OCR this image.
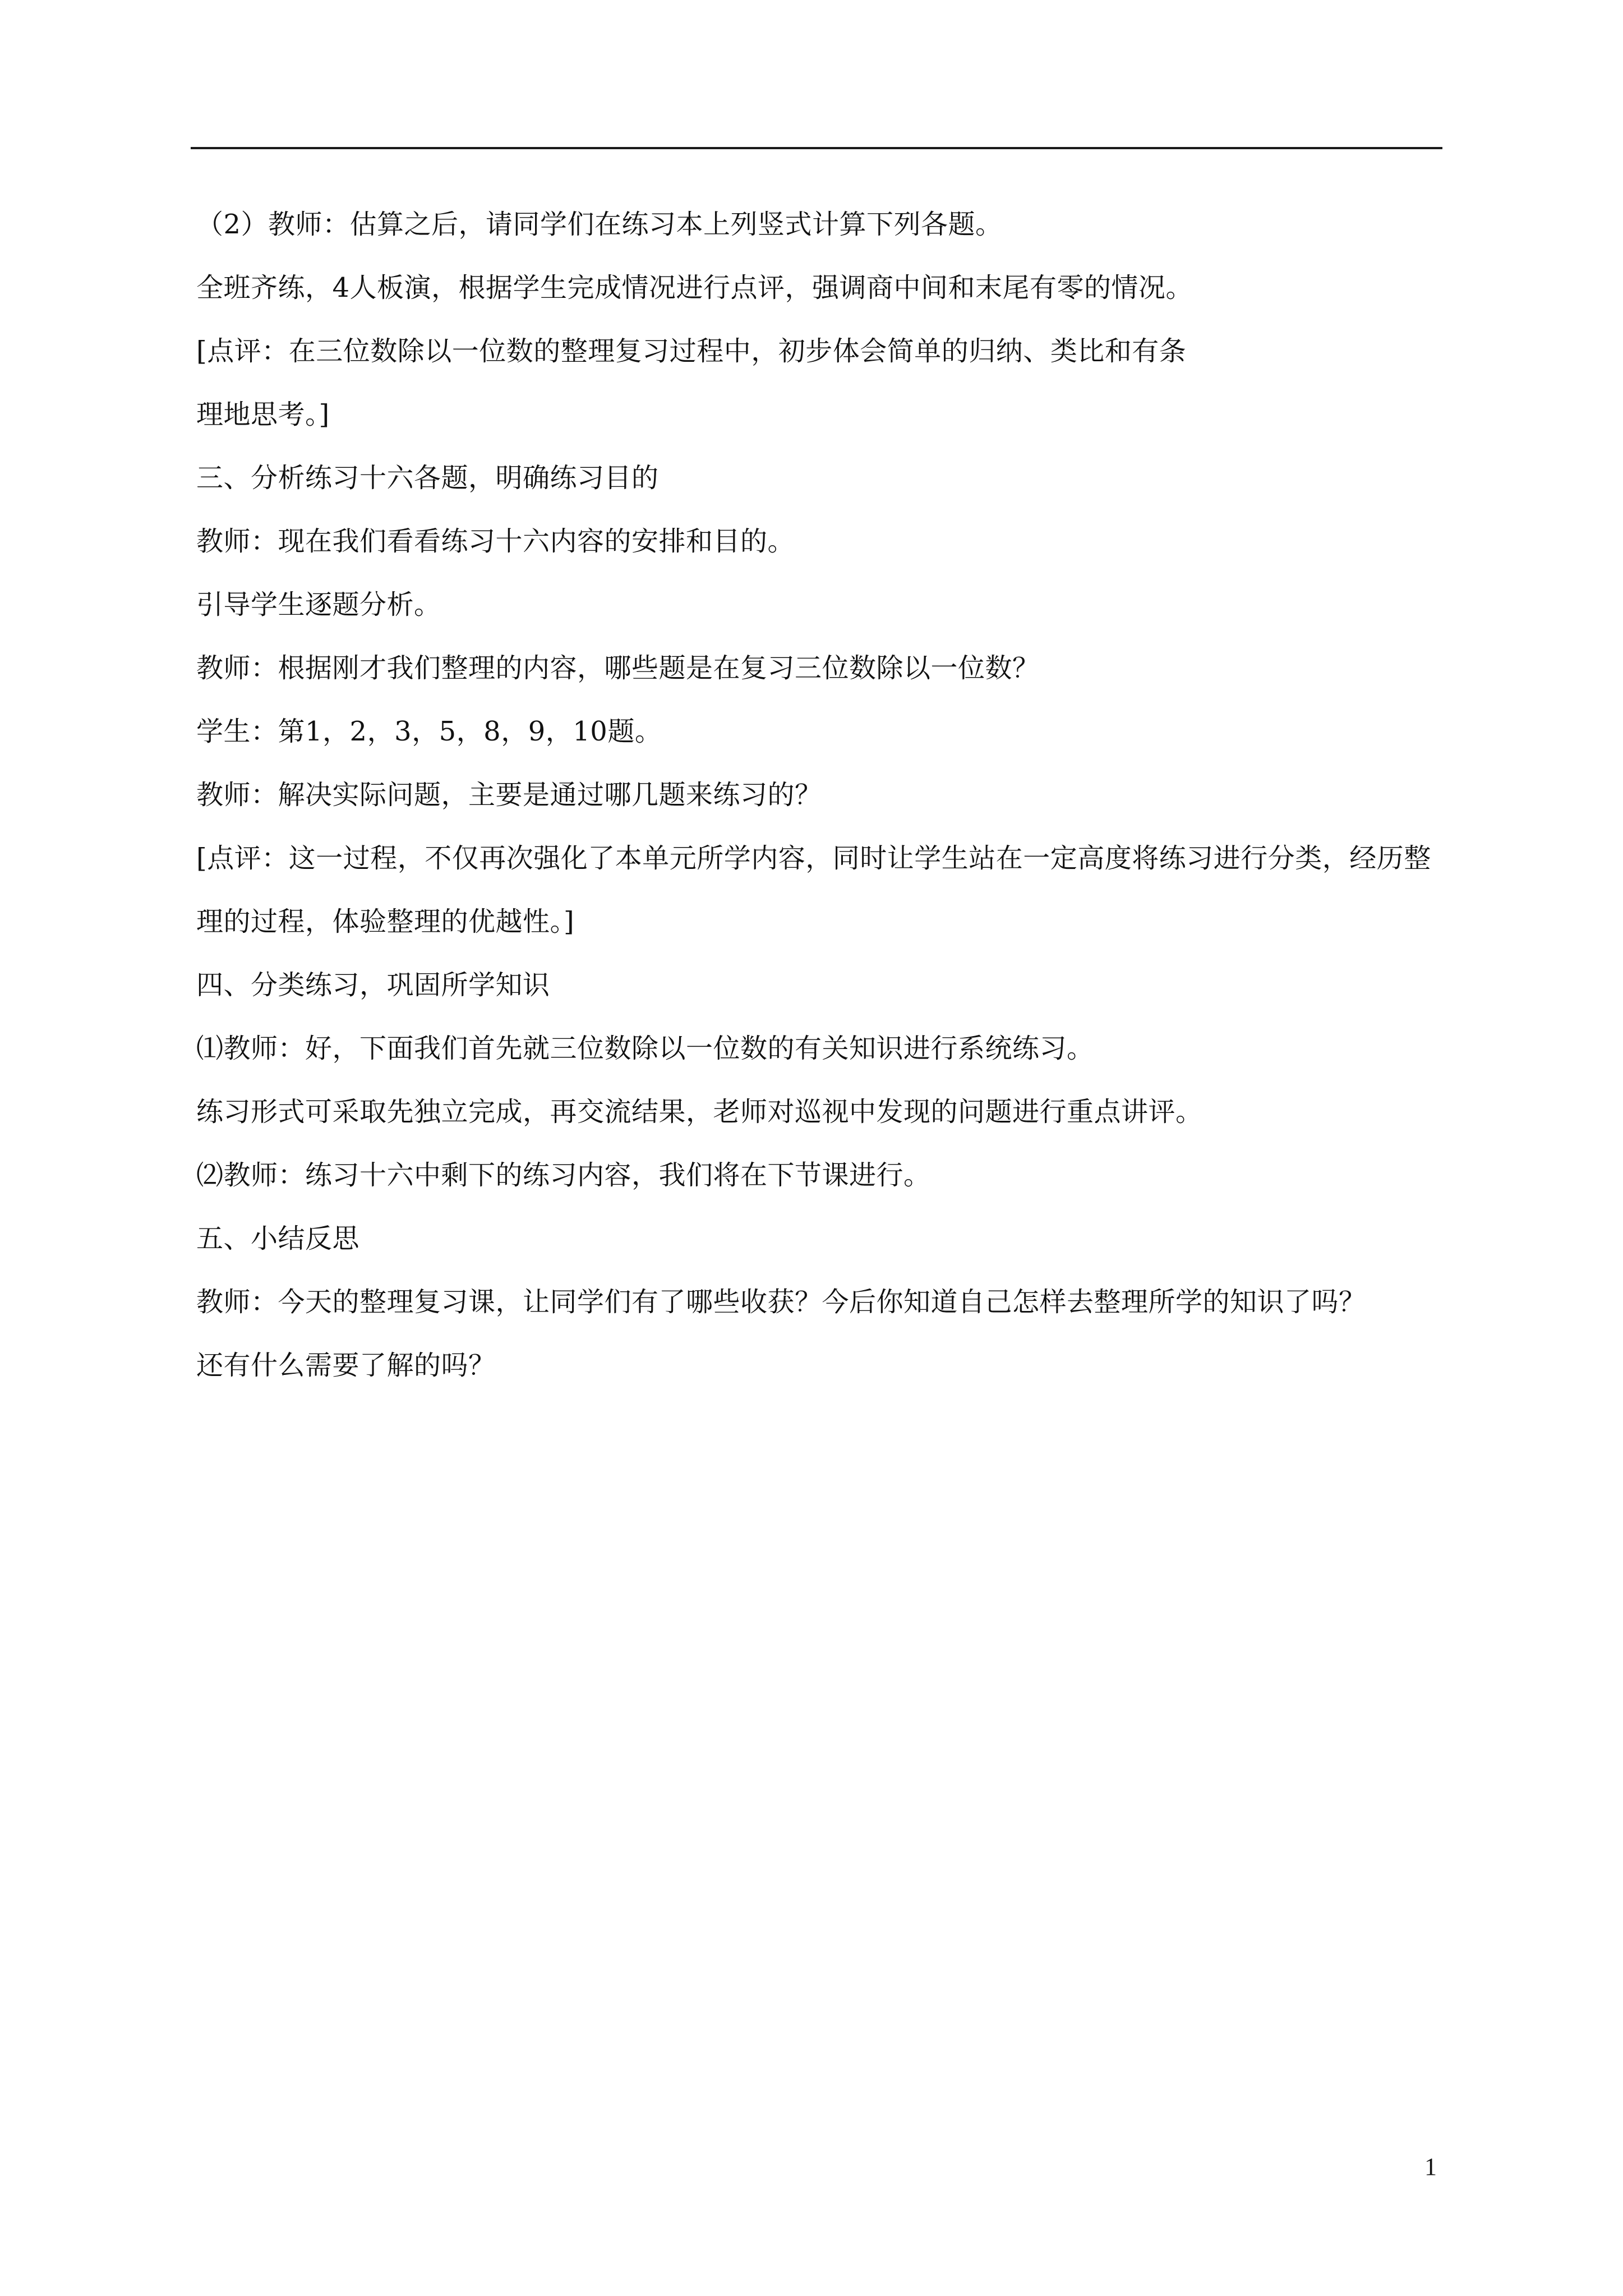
（2）教师：估算之后，请同学们在练习本上列竖式计算下列各题。

全班齐练，4人板演，根据学生完成情况进行点评，强调商中间和末尾有零的情况。

[点评：在三位数除以一位数的整理复习过程中，初步体会简单的归纳、类比和有条

理地思考。]

三、分析练习十六各题，明确练习目的

教师：现在我们看看练习十六内容的安排和目的。

引导学生逐题分析。

教师：根据刚才我们整理的内容，哪些题是在复习三位数除以一位数？

学生：第1，2，3，5，8，9，10题。

教师：解决实际问题，主要是通过哪几题来练习的？

[点评：这一过程，不仅再次强化了本单元所学内容，同时让学生站在一定高度将练习进行分类，经历整理的过程，体验整理的优越性。]

四、分类练习，巩固所学知识

⑴教师：好，下面我们首先就三位数除以一位数的有关知识进行系统练习。

练习形式可采取先独立完成，再交流结果，老师对巡视中发现的问题进行重点讲评。

⑵教师：练习十六中剩下的练习内容，我们将在下节课进行。

五、小结反思

教师：今天的整理复习课，让同学们有了哪些收获？今后你知道自己怎样去整理所学的知识了吗？

还有什么需要了解的吗？

1
